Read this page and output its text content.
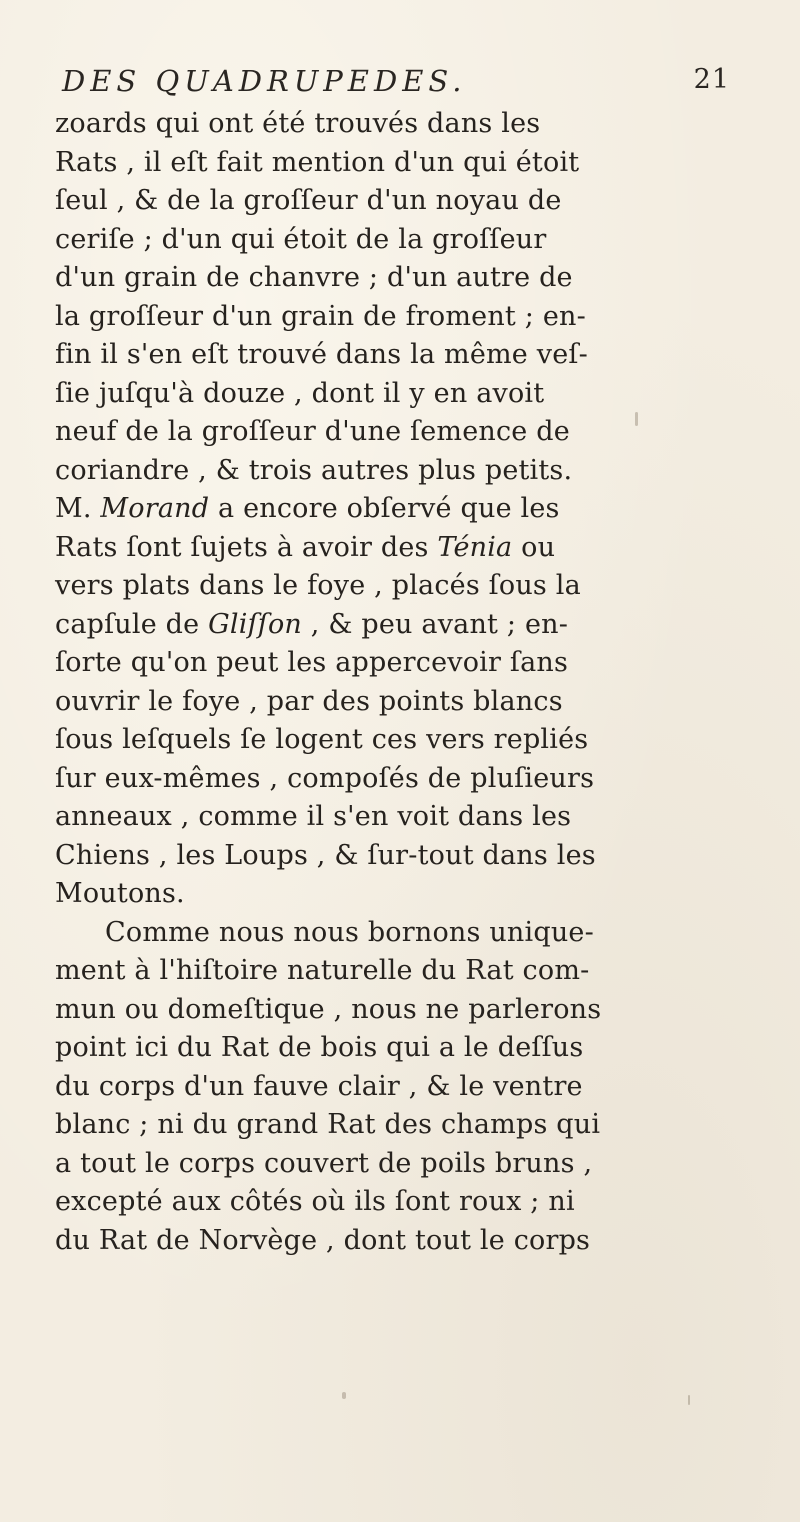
DES QUADRUPEDES.	21
zoards qui ont été trouvés dans les
Rats , il eſt fait mention d'un qui étoit
ſeul , & de la groſſeur d'un noyau de
ceriſe ; d'un qui étoit de la groſſeur
d'un grain de chanvre ; d'un autre de
la groſſeur d'un grain de froment ; en-
fin il s'en eſt trouvé dans la même veſ-
ſie juſqu'à douze , dont il y en avoit
neuf de la groſſeur d'une ſemence de
coriandre , & trois autres plus petits.
M. Morand a encore obſervé que les
Rats ſont ſujets à avoir des Ténia ou
vers plats dans le foye , placés ſous la
capſule de Gliſſon , & peu avant ; en-
ſorte qu'on peut les appercevoir ſans
ouvrir le foye , par des points blancs
ſous leſquels ſe logent ces vers repliés
ſur eux-mêmes , compoſés de pluſieurs
anneaux , comme il s'en voit dans les
Chiens , les Loups , & ſur-tout dans les
Moutons.
Comme nous nous bornons unique-
ment à l'hiſtoire naturelle du Rat com-
mun ou domeſtique , nous ne parlerons
point ici du Rat de bois qui a le deſſus
du corps d'un fauve clair , & le ventre
blanc ; ni du grand Rat des champs qui
a tout le corps couvert de poils bruns ,
excepté aux côtés où ils ſont roux ; ni
du Rat de Norvège , dont tout le corps
